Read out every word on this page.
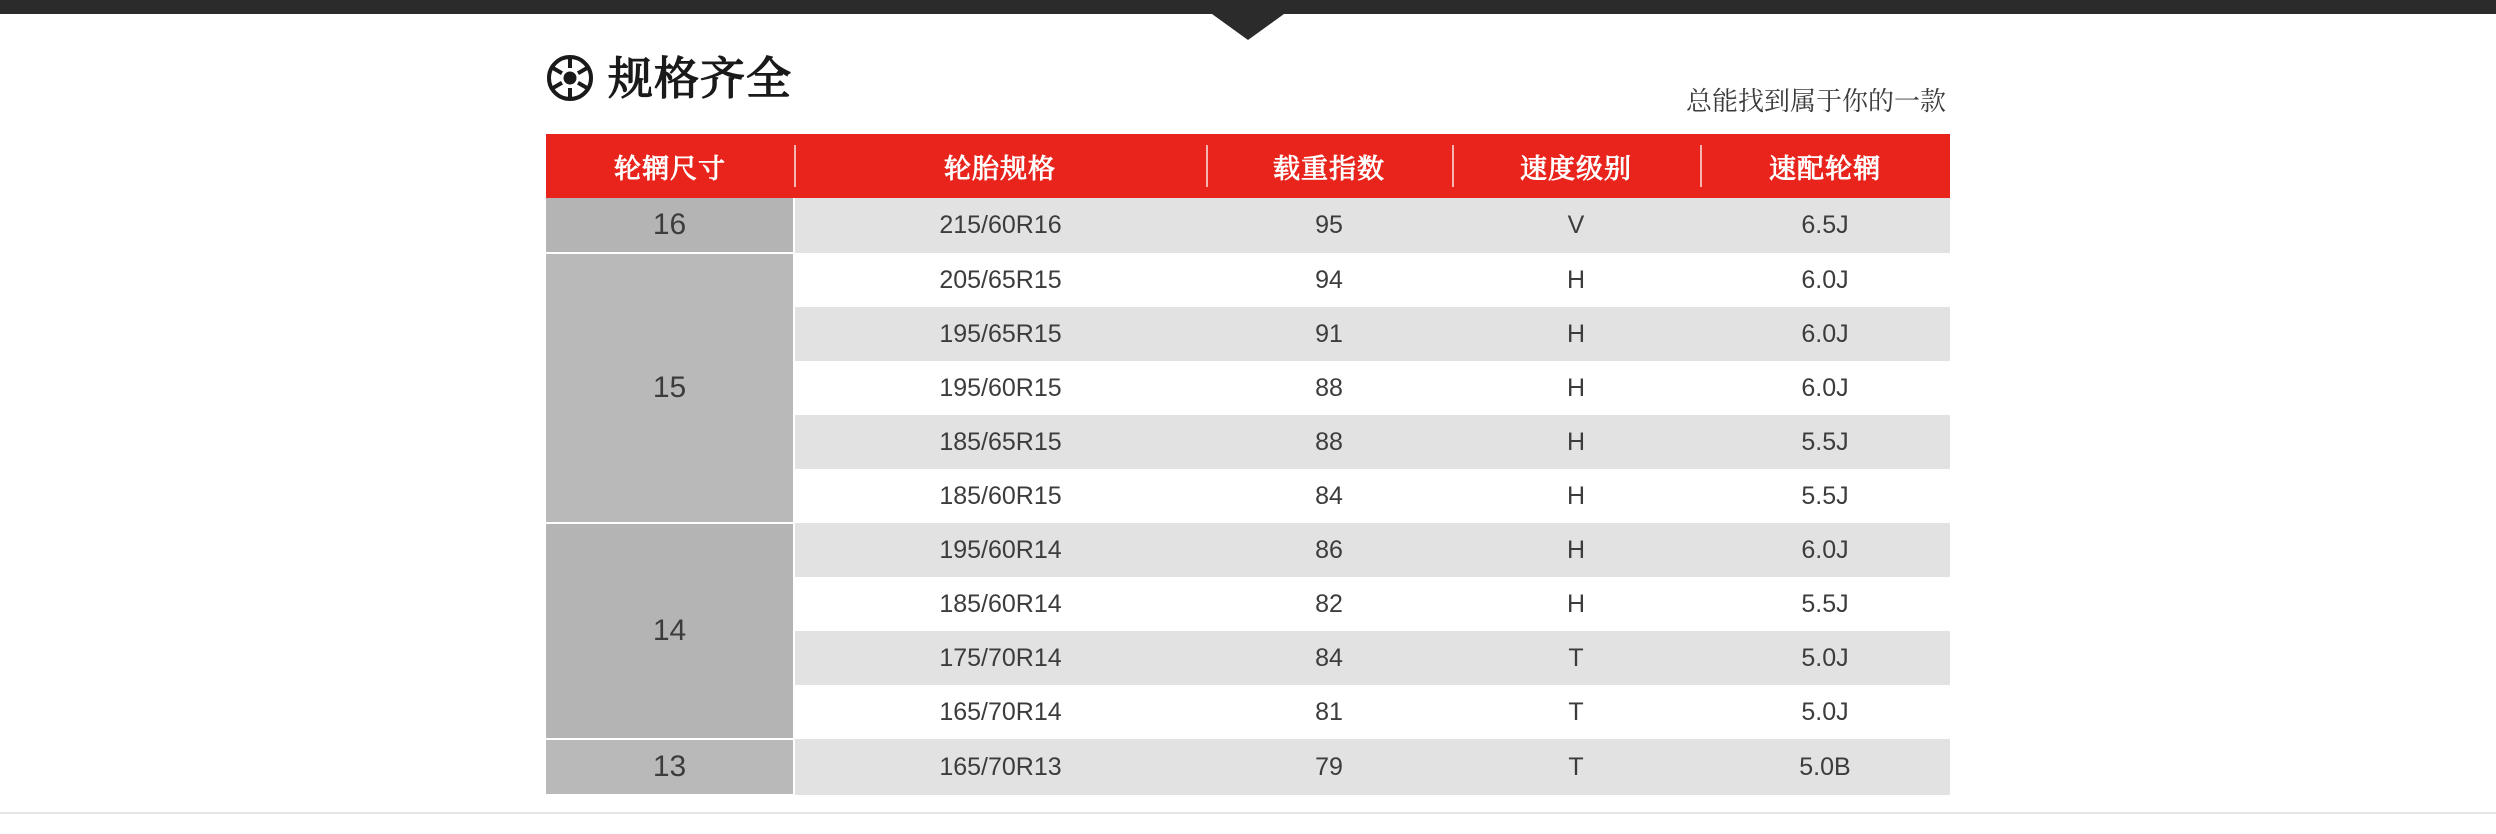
规格齐全	总能找到属于你的一款
轮辋尺寸	轮胎规格	载重指数	速度级别	速配轮辋
16	215/60R16	95	V	6.5J
15	205/65R15	94	H	6.0J
	195/65R15	91	H	6.0J
	195/60R15	88	H	6.0J
	185/65R15	88	H	5.5J
	185/60R15	84	H	5.5J
14	195/60R14	86	H	6.0J
	185/60R14	82	H	5.5J
	175/70R14	84	T	5.0J
	165/70R14	81	T	5.0J
13	165/70R13	79	T	5.0B
